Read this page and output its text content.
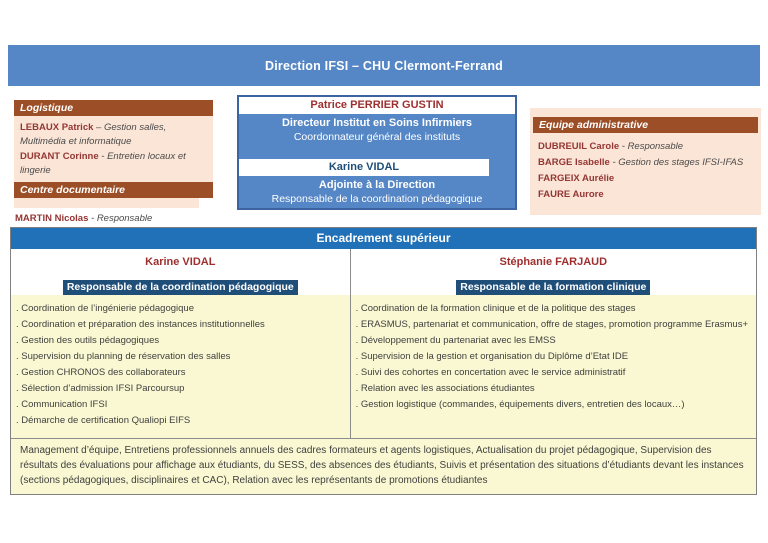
Direction IFSI – CHU Clermont-Ferrand
Logistique
LEBAUX Patrick – Gestion salles, Multimédia et informatique
DURANT Corinne - Entretien locaux et lingerie
Centre documentaire
MARTIN Nicolas - Responsable
Patrice PERRIER GUSTIN
Directeur Institut en Soins Infirmiers
Coordonnateur général des instituts
Karine VIDAL
Adjointe à la Direction
Responsable de la coordination pédagogique
Equipe administrative
DUBREUIL Carole - Responsable
BARGE Isabelle - Gestion des stages IFSI-IFAS
FARGEIX Aurélie
FAURE Aurore
Encadrement supérieur
Karine VIDAL
Responsable de la coordination pédagogique
. Coordination de l’ingénierie pédagogique
. Coordination et préparation des instances institutionnelles
. Gestion des outils pédagogiques
. Supervision du planning de réservation des salles
. Gestion CHRONOS des collaborateurs
. Sélection d’admission IFSI Parcoursup
. Communication IFSI
. Démarche de certification Qualiopi EIFS
Stéphanie FARJAUD
Responsable de la formation clinique
. Coordination de la formation clinique et de la politique des stages
. ERASMUS, partenariat et communication, offre de stages, promotion programme Erasmus+
. Développement du partenariat avec les EMSS
. Supervision de la gestion et organisation du Diplôme d’Etat IDE
. Suivi des cohortes en concertation avec le service administratif
. Relation avec les associations étudiantes
. Gestion logistique (commandes, équipements divers, entretien des locaux…)
Management d’équipe, Entretiens professionnels annuels des cadres formateurs et agents logistiques, Actualisation du projet pédagogique, Supervision des résultats des évaluations pour affichage aux étudiants, du SESS, des absences des étudiants, Suivis et présentation des situations d’étudiants devant les instances (sections pédagogiques, disciplinaires et CAC), Relation avec les représentants de promotions étudiantes
